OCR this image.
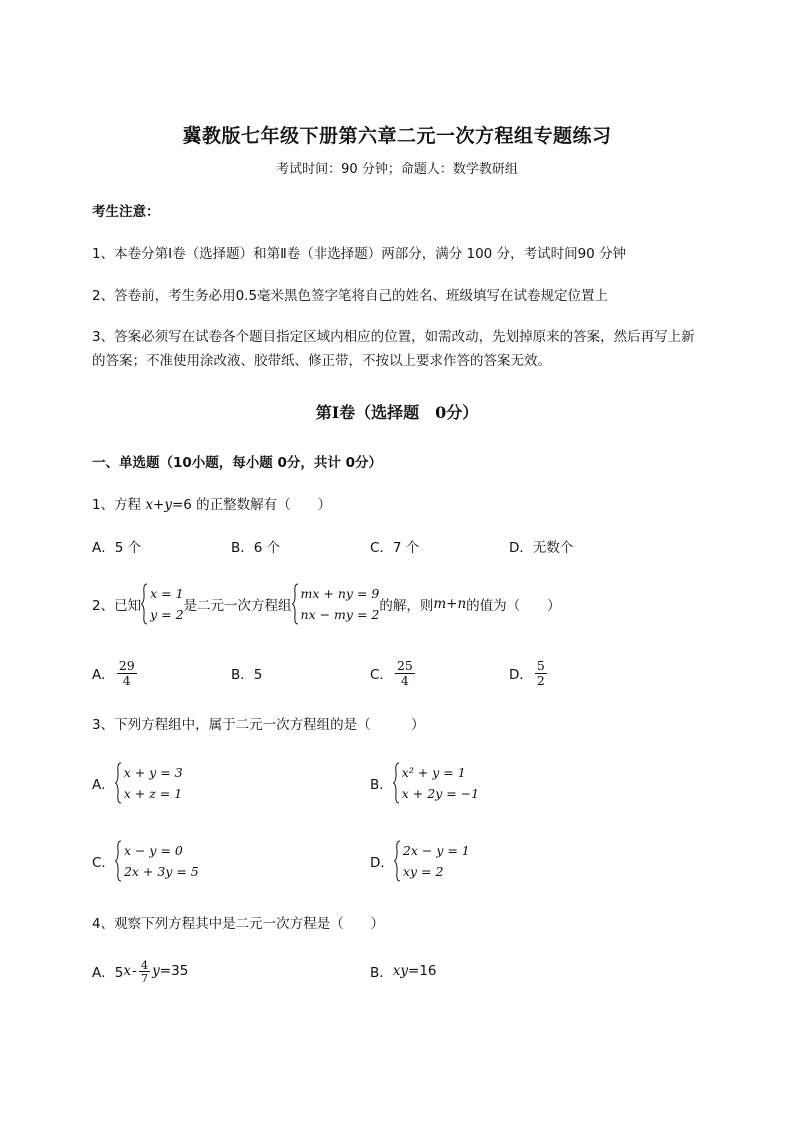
冀教版七年级下册第六章二元一次方程组专题练习
考试时间：90 分钟；命题人：数学教研组
考生注意：
1、本卷分第Ⅰ卷（选择题）和第Ⅱ卷（非选择题）两部分，满分 100 分，考试时间90 分钟
2、答卷前，考生务必用0.5毫米黑色签字笔将自己的姓名、班级填写在试卷规定位置上
3、答案必须写在试卷各个题目指定区域内相应的位置，如需改动，先划掉原来的答案，然后再写上新的答案；不准使用涂改液、胶带纸、修正带，不按以上要求作答的答案无效。
第Ⅰ卷（选择题　0分）
一、单选题（10小题，每小题 0分，共计 0分）
1、方程 x+y=6 的正整数解有（　　）
A．5 个	B．6 个	C．7 个	D．无数个
2、已知
x = 1
y = 2
是二元一次方程组
mx + ny = 9
nx − my = 2
的解，则 m+n 的值为（　　）
A． $\frac{29}{4}$	B．5	C． $\frac{25}{4}$	D． $\frac{5}{2}$
3、下列方程组中，属于二元一次方程组的是（　　　）
A．
x + y = 3
x + z = 1
B．
x² + y = 1
x + 2y = −1
C．
x − y = 0
2x + 3y = 5
D．
2x − y = 1
xy = 2
4、观察下列方程其中是二元一次方程是（　　）
A．5 x - $\frac{4}{7}$ y =35	B． xy =16
